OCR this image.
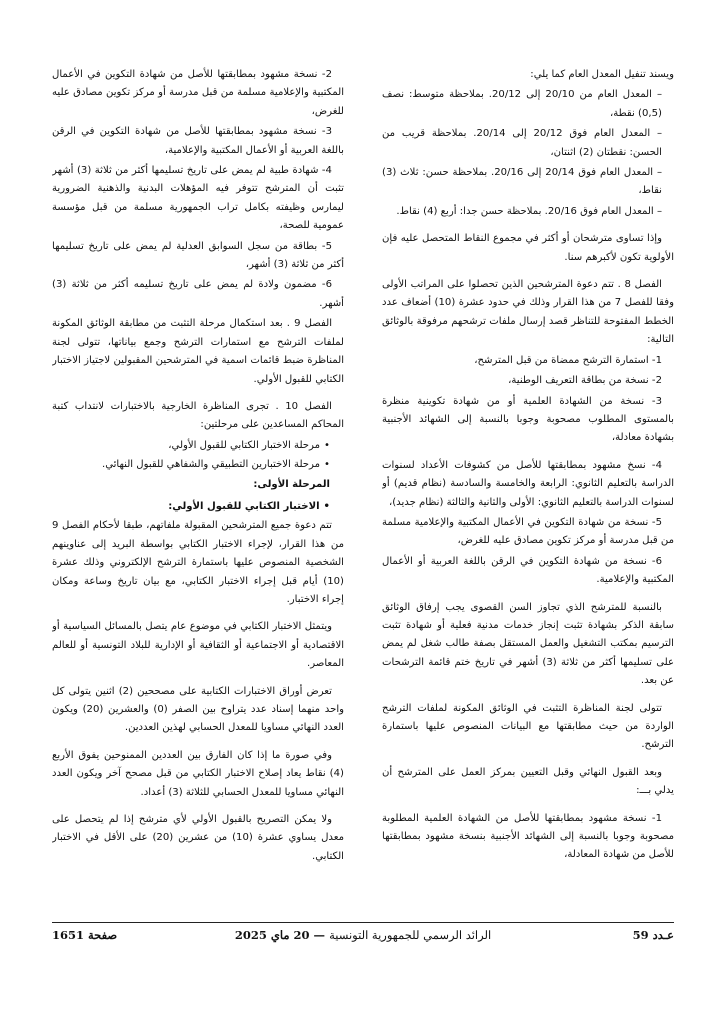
ويسند تنفيل المعدل العام كما يلي:

– المعدل العام من 20/10 إلى 20/12. بملاحظة متوسط: نصف (0,5) نقطة،

– المعدل العام فوق 20/12 إلى 20/14. بملاحظة قريب من الحسن: نقطتان (2) اثنتان،

– المعدل العام فوق 20/14 إلى 20/16. بملاحظة حسن: ثلاث (3) نقاط،

– المعدل العام فوق 20/16. بملاحظة حسن جدا: أربع (4) نقاط.

وإذا تساوى مترشحان أو أكثر في مجموع النقاط المتحصل عليه فإن الأولوية تكون لأكبرهم سنا.

الفصل 8 . تتم دعوة المترشحين الذين تحصلوا على المراتب الأولى وفقا للفصل 7 من هذا القرار وذلك في حدود عشرة (10) أضعاف عدد الخطط المفتوحة للتناظر قصد إرسال ملفات ترشحهم مرفوقة بالوثائق التالية:

1- استمارة الترشح ممضاة من قبل المترشح،

2- نسخة من بطاقة التعريف الوطنية،

3- نسخة من الشهادة العلمية أو من شهادة تكوينية منظرة بالمستوى المطلوب مصحوبة وجوبا بالنسبة إلى الشهائد الأجنبية بشهادة معادلة،

4- نسخ مشهود بمطابقتها للأصل من كشوفات الأعداد لسنوات الدراسة بالتعليم الثانوي: الرابعة والخامسة والسادسة (نظام قديم) أو لسنوات الدراسة بالتعليم الثانوي: الأولى والثانية والثالثة (نظام جديد)،

5- نسخة من شهادة التكوين في الأعمال المكتبية والإعلامية مسلمة من قبل مدرسة أو مركز تكوين مصادق عليه للغرض،

6- نسخة من شهادة التكوين في الرقن باللغة العربية أو الأعمال المكتبية والإعلامية.

بالنسبة للمترشح الذي تجاوز السن القصوى يجب إرفاق الوثائق سابقة الذكر بشهادة تثبت إنجاز خدمات مدنية فعلية أو شهادة تثبت الترسيم بمكتب التشغيل والعمل المستقل بصفة طالب شغل لم يمض على تسليمها أكثر من ثلاثة (3) أشهر في تاريخ ختم قائمة الترشحات عن بعد.

تتولى لجنة المناظرة التثبت في الوثائق المكونة لملفات الترشح الواردة من حيث مطابقتها مع البيانات المنصوص عليها باستمارة الترشح.

وبعد القبول النهائي وقبل التعيين بمركز العمل على المترشح أن يدلي بـــ:

1- نسخة مشهود بمطابقتها للأصل من الشهادة العلمية المطلوبة مصحوبة وجوبا بالنسبة إلى الشهائد الأجنبية بنسخة مشهود بمطابقتها للأصل من شهادة المعادلة،

2- نسخة مشهود بمطابقتها للأصل من شهادة التكوين في الأعمال المكتبية والإعلامية مسلمة من قبل مدرسة أو مركز تكوين مصادق عليه للغرض،

3- نسخة مشهود بمطابقتها للأصل من شهادة التكوين في الرقن باللغة العربية أو الأعمال المكتبية والإعلامية،

4- شهادة طبية لم يمض على تاريخ تسليمها أكثر من ثلاثة (3) أشهر تثبت أن المترشح تتوفر فيه المؤهلات البدنية والذهنية الضرورية ليمارس وظيفته بكامل تراب الجمهورية مسلمة من قبل مؤسسة عمومية للصحة،

5- بطاقة من سجل السوابق العدلية لم يمض على تاريخ تسليمها أكثر من ثلاثة (3) أشهر،

6- مضمون ولادة لم يمض على تاريخ تسليمه أكثر من ثلاثة (3) أشهر.

الفصل 9 . بعد استكمال مرحلة التثبت من مطابقة الوثائق المكونة لملفات الترشح مع استمارات الترشح وجمع بياناتها، تتولى لجنة المناظرة ضبط قائمات اسمية في المترشحين المقبولين لاجتياز الاختبار الكتابي للقبول الأولي.

الفصل 10 . تجرى المناظرة الخارجية بالاختبارات لانتداب كتبة المحاكم المساعدين على مرحلتين:

•مرحلة الاختبار الكتابي للقبول الأولي،

•مرحلة الاختبارين التطبيقي والشفاهي للقبول النهائي.

المرحلة الأولى:

•الاختبار الكتابي للقبول الأولي:

تتم دعوة جميع المترشحين المقبولة ملفاتهم، طبقا لأحكام الفصل 9 من هذا القرار، لإجراء الاختبار الكتابي بواسطة البريد إلى عناوينهم الشخصية المنصوص عليها باستمارة الترشح الإلكتروني وذلك عشرة (10) أيام قبل إجراء الاختبار الكتابي، مع بيان تاريخ وساعة ومكان إجراء الاختبار.

ويتمثل الاختبار الكتابي في موضوع عام يتصل بالمسائل السياسية أو الاقتصادية أو الاجتماعية أو الثقافية أو الإدارية للبلاد التونسية أو للعالم المعاصر.

تعرض أوراق الاختبارات الكتابية على مصححين (2) اثنين يتولى كل واحد منهما إسناد عدد يتراوح بين الصفر (0) والعشرين (20) ويكون العدد النهائي مساويا للمعدل الحسابي لهذين العددين.

وفي صورة ما إذا كان الفارق بين العددين الممنوحين يفوق الأربع (4) نقاط يعاد إصلاح الاختبار الكتابي من قبل مصحح آخر ويكون العدد النهائي مساويا للمعدل الحسابي للثلاثة (3) أعداد.

ولا يمكن التصريح بالقبول الأولي لأي مترشح إذا لم يتحصل على معدل يساوي عشرة (10) من عشرين (20) على الأقل في الاختبار الكتابي.

عـدد 59
الرائد الرسمي للجمهورية التونسية — 20 ماي 2025
صفحة 1651
